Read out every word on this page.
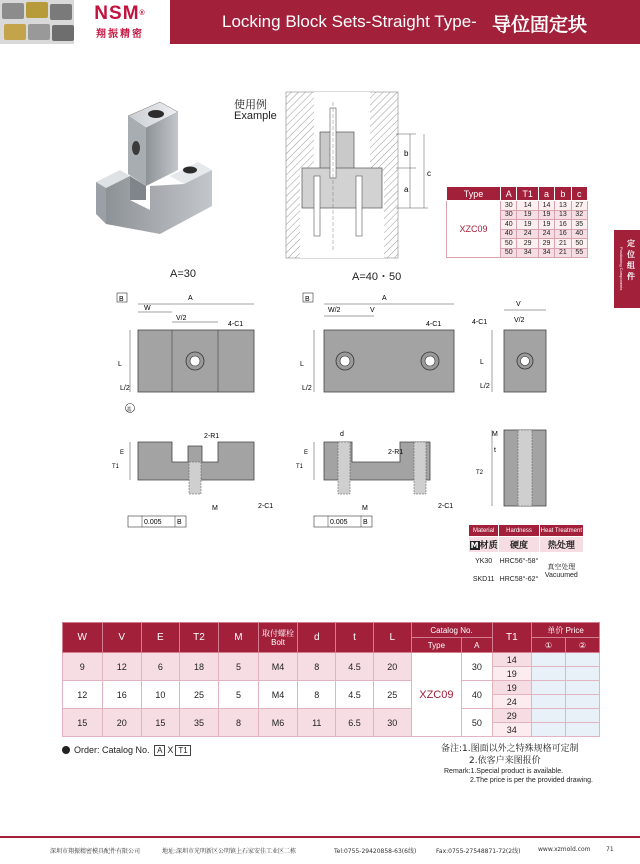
NSM®
翔振精密
Locking Block Sets-Straight Type- 导位固定块
定
位
组
件
Positioning Components
使用例
Example
b
a
c
Type	A	T1	a	b	c
XZC09	30	14	14	13	27
	30	19	19	13	32
	40	19	19	16	35
	40	24	24	16	40
	50	29	29	21	50
	50	34	34	21	55
A=30	A=40・50
B	A
W
V/2
4-C1
L
L/2
基
B	A
W/2	V
4-C1
L
L/2
V
V/2
4-C1
L
L/2
T1
E
2-R1
M	2-C1
0.005 B
T1
E
d
2-R1
M	2-C1
0.005 B
T2
M
t
Material	Hardness	Heat Treatment
M材质	硬度	热处理
YK30	HRC56°-58°	真空处理
Vacuumed

SKD11	HRC58°-62°	
W	V	E	T2	M	取付螺栓
Bolt	d	t	L	Catalog No.		T1	单价 Price	
									Type	A		①	②
9	12	6	18	5	M4	8	4.5	20	XZC09	30	14		
											19		
12	16	10	25	5	M4	8	4.5	25		40	19		
											24		
15	20	15	35	8	M6	11	6.5	30		50	29		
											34		
Order: Catalog No. A X T1	备注:1.图面以外之特殊规格可定制
2.依客户来图报价
Remark:1.Special product is available.
2.The price is per the provided drawing.
深圳市翔振精密模具配件有限公司	地址:深圳市光明新区公明镇上石家安佳工业区二栋	Tel:0755-29420858-63(6线)	Fax:0755-27548871-72(2线)	www.xzmold.com	71
